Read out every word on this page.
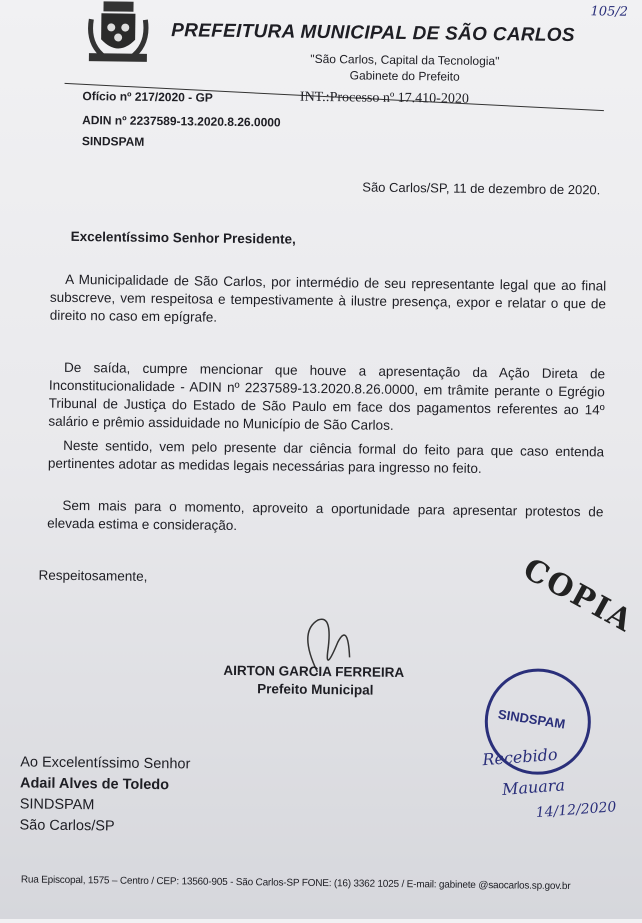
105/2
PREFEITURA MUNICIPAL DE SÃO CARLOS
"São Carlos, Capital da Tecnologia"
Gabinete do Prefeito
INT.:Processo nº 17.410-2020
Ofício nº 217/2020 - GP
ADIN nº 2237589-13.2020.8.26.0000
SINDSPAM
São Carlos/SP, 11 de dezembro de 2020.
Excelentíssimo Senhor Presidente,

A Municipalidade de São Carlos, por intermédio de seu representante legal que ao final subscreve, vem respeitosa e tempestivamente à ilustre presença, expor e relatar o que de direito no caso em epígrafe.

De saída, cumpre mencionar que houve a apresentação da Ação Direta de Inconstitucionalidade - ADIN nº 2237589-13.2020.8.26.0000, em trâmite perante o Egrégio Tribunal de Justiça do Estado de São Paulo em face dos pagamentos referentes ao 14º salário e prêmio assiduidade no Município de São Carlos.

Neste sentido, vem pelo presente dar ciência formal do feito para que caso entenda pertinentes adotar as medidas legais necessárias para ingresso no feito.

Sem mais para o momento, aproveito a oportunidade para apresentar protestos de elevada estima e consideração.

Respeitosamente,
AIRTON GARCIA FERREIRA
Prefeito Municipal
COPIA
SINDSPAM
Recebido
Mauara
14/12/2020
Ao Excelentíssimo Senhor
Adail Alves de Toledo
SINDSPAM
São Carlos/SP
Rua Episcopal, 1575 – Centro / CEP: 13560-905 - São Carlos-SP FONE: (16) 3362 1025 / E-mail: gabinete @saocarlos.sp.gov.br
